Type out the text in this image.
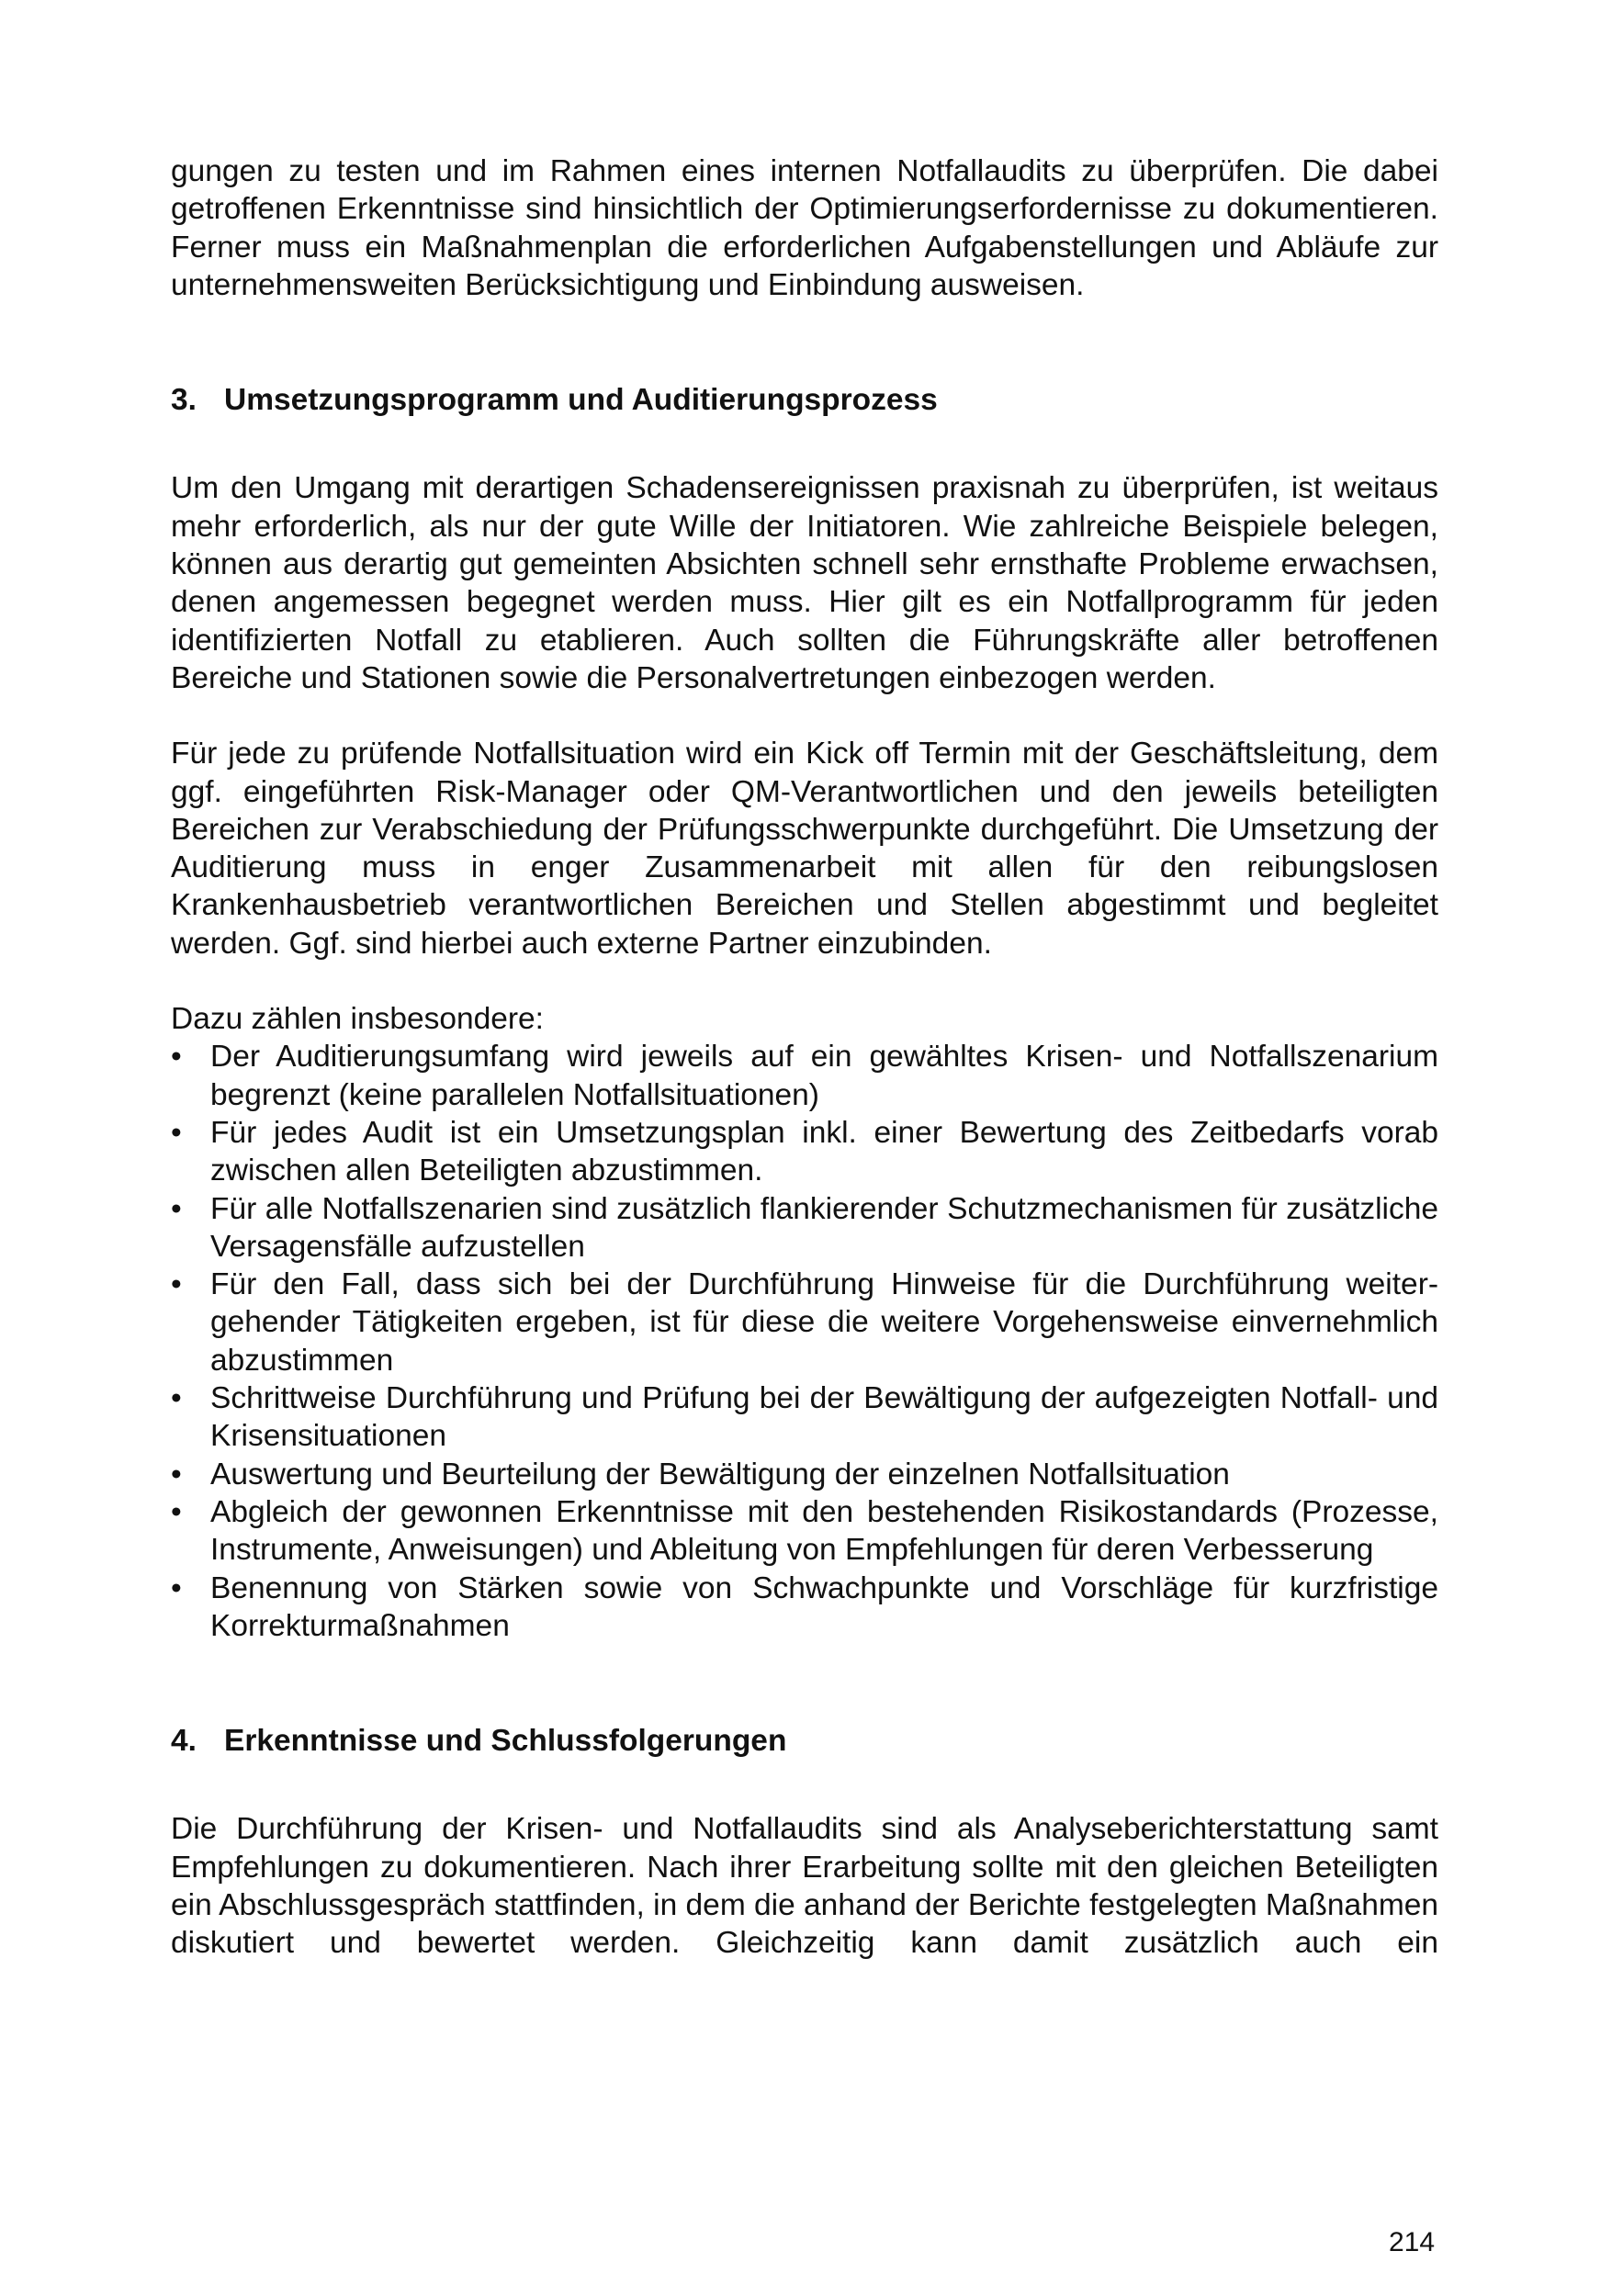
gungen zu testen und im Rahmen eines internen Notfallaudits zu überprüfen. Die dabei getroffenen Erkenntnisse sind hinsichtlich der Optimierungserfordernisse zu dokumentieren. Ferner muss ein Maßnahmenplan die erforderlichen Aufgabenstellungen und Abläufe zur unternehmensweiten Berücksichtigung und Einbindung ausweisen.

3. Umsetzungsprogramm und Auditierungsprozess

Um den Umgang mit derartigen Schadensereignissen praxisnah zu überprüfen, ist weitaus mehr erforderlich, als nur der gute Wille der Initiatoren. Wie zahlreiche Beispiele belegen, können aus derartig gut gemeinten Absichten schnell sehr ernsthafte Probleme erwachsen, denen angemessen begegnet werden muss. Hier gilt es ein Notfallprogramm für jeden identifizierten Notfall zu etablieren. Auch sollten die Führungskräfte aller betroffenen Bereiche und Stationen sowie die Personalvertretungen einbezogen werden.

Für jede zu prüfende Notfallsituation wird ein Kick off Termin mit der Geschäftsleitung, dem ggf. eingeführten Risk-Manager oder QM-Verantwortlichen und den jeweils beteiligten Bereichen zur Verabschiedung der Prüfungsschwerpunkte durchgeführt. Die Umsetzung der Auditierung muss in enger Zusammenarbeit mit allen für den reibungslosen Krankenhausbetrieb verantwortlichen Bereichen und Stellen abgestimmt und begleitet werden. Ggf. sind hierbei auch externe Partner einzubinden.

Dazu zählen insbesondere:

• Der Auditierungsumfang wird jeweils auf ein gewähltes Krisen- und Notfallszenarium begrenzt (keine parallelen Notfallsituationen)
• Für jedes Audit ist ein Umsetzungsplan inkl. einer Bewertung des Zeitbedarfs vorab zwischen allen Beteiligten abzustimmen.
• Für alle Notfallszenarien sind zusätzlich flankierender Schutzmechanismen für zusätzliche Versagensfälle aufzustellen
• Für den Fall, dass sich bei der Durchführung Hinweise für die Durchführung weitergehender Tätigkeiten ergeben, ist für diese die weitere Vorgehensweise einvernehmlich abzustimmen
• Schrittweise Durchführung und Prüfung bei der Bewältigung der aufgezeigten Notfall- und Krisensituationen
• Auswertung und Beurteilung der Bewältigung der einzelnen Notfallsituation
• Abgleich der gewonnen Erkenntnisse mit den bestehenden Risikostandards (Prozesse, Instrumente, Anweisungen) und Ableitung von Empfehlungen für deren Verbesserung
• Benennung von Stärken sowie von Schwachpunkte und Vorschläge für kurzfristige Korrekturmaßnahmen
4. Erkenntnisse und Schlussfolgerungen

Die Durchführung der Krisen- und Notfallaudits sind als Analyseberichterstattung samt Empfehlungen zu dokumentieren. Nach ihrer Erarbeitung sollte mit den gleichen Beteiligten ein Abschlussgespräch stattfinden, in dem die anhand der Berichte festgelegten Maßnahmen diskutiert und bewertet werden. Gleichzeitig kann damit zusätzlich auch ein

214
